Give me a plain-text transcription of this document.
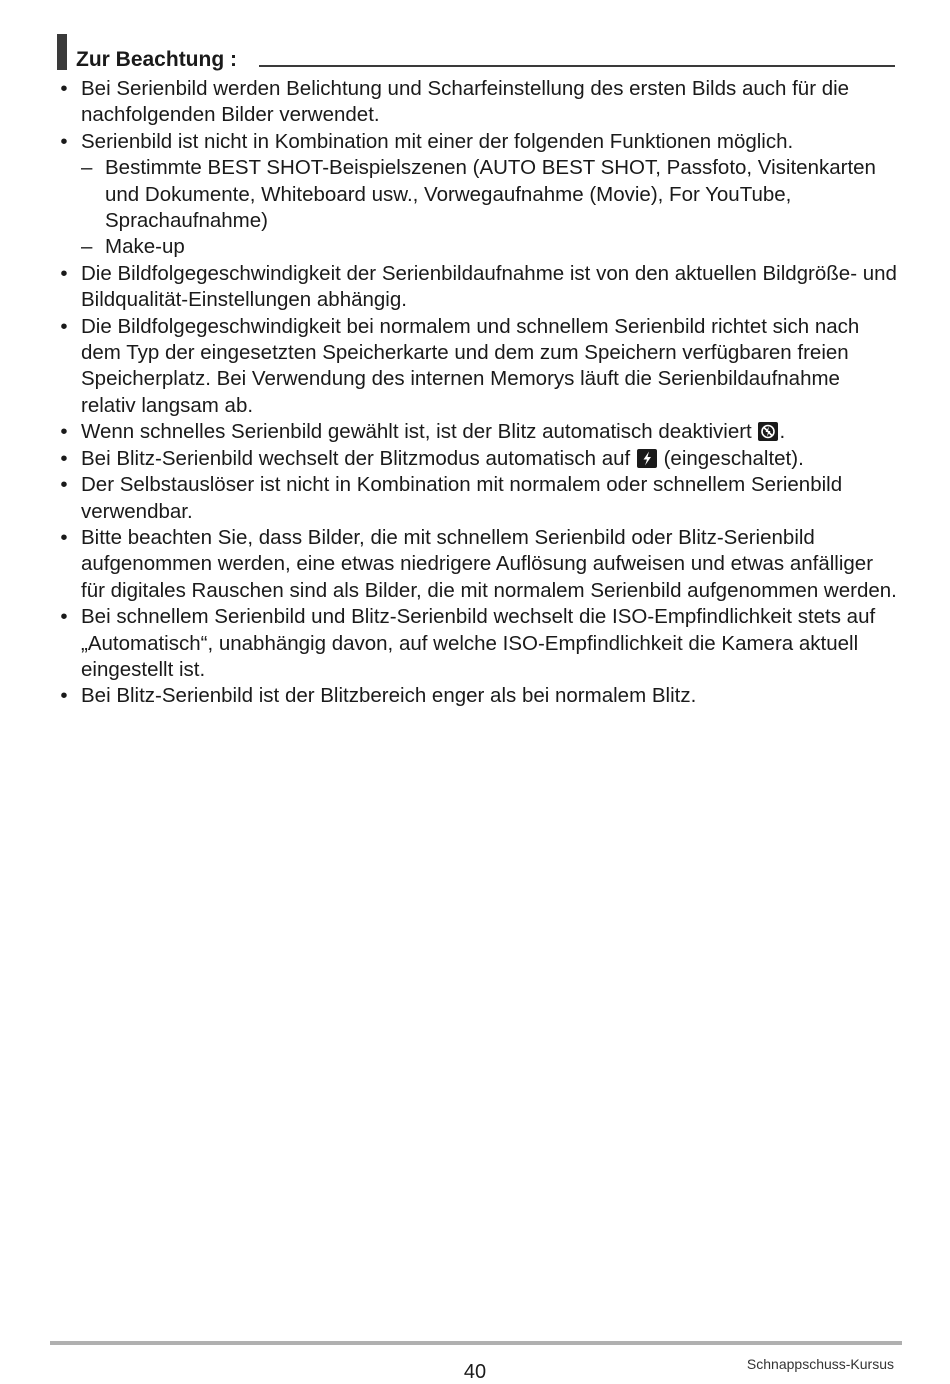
Zur Beachtung :
• Bei Serienbild werden Belichtung und Scharfeinstellung des ersten Bilds auch für die nachfolgenden Bilder verwendet.
• Serienbild ist nicht in Kombination mit einer der folgenden Funktionen möglich.
– Bestimmte BEST SHOT-Beispielszenen (AUTO BEST SHOT, Passfoto, Visitenkarten und Dokumente, Whiteboard usw., Vorwegaufnahme (Movie), For YouTube, Sprachaufnahme)
– Make-up
• Die Bildfolgegeschwindigkeit der Serienbildaufnahme ist von den aktuellen Bildgröße- und Bildqualität-Einstellungen abhängig.
• Die Bildfolgegeschwindigkeit bei normalem und schnellem Serienbild richtet sich nach dem Typ der eingesetzten Speicherkarte und dem zum Speichern verfügbaren freien Speicherplatz. Bei Verwendung des internen Memorys läuft die Serienbildaufnahme relativ langsam ab.
• Wenn schnelles Serienbild gewählt ist, ist der Blitz automatisch deaktiviert .
• Bei Blitz-Serienbild wechselt der Blitzmodus automatisch auf
(eingeschaltet).
• Der Selbstauslöser ist nicht in Kombination mit normalem oder schnellem Serienbild verwendbar.
• Bitte beachten Sie, dass Bilder, die mit schnellem Serienbild oder Blitz-Serienbild aufgenommen werden, eine etwas niedrigere Auflösung aufweisen und etwas anfälliger für digitales Rauschen sind als Bilder, die mit normalem Serienbild aufgenommen werden.
• Bei schnellem Serienbild und Blitz-Serienbild wechselt die ISO-Empfindlichkeit stets auf „Automatisch“, unabhängig davon, auf welche ISO-Empfindlichkeit die Kamera aktuell eingestellt ist.
• Bei Blitz-Serienbild ist der Blitzbereich enger als bei normalem Blitz.
40	Schnappschuss-Kursus
